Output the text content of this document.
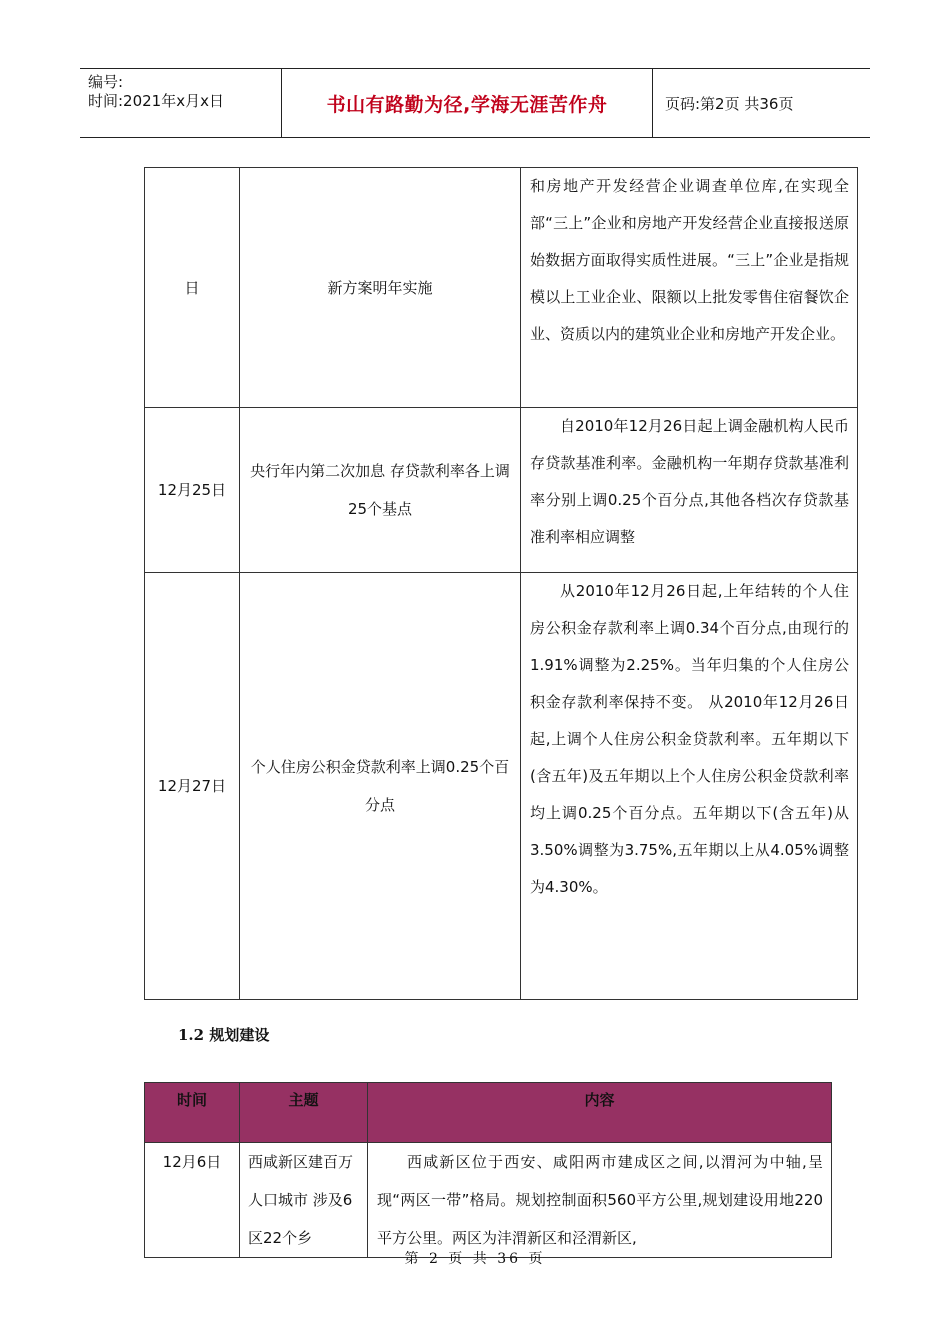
编号:
时间:2021年x月x日	书山有路勤为径,学海无涯苦作舟	页码:第2页 共36页
日	新方案明年实施	和房地产开发经营企业调查单位库,在实现全部“三上”企业和房地产开发经营企业直接报送原始数据方面取得实质性进展。“三上”企业是指规模以上工业企业、限额以上批发零售住宿餐饮企业、资质以内的建筑业企业和房地产开发企业。

12月25日	央行年内第二次加息 存贷款利率各上调25个基点	自2010年12月26日起上调金融机构人民币存贷款基准利率。金融机构一年期存贷款基准利率分别上调0.25个百分点,其他各档次存贷款基准利率相应调整

12月27日	个人住房公积金贷款利率上调0.25个百分点	从2010年12月26日起,上年结转的个人住房公积金存款利率上调0.34个百分点,由现行的1.91%调整为2.25%。当年归集的个人住房公积金存款利率保持不变。 从2010年12月26日起,上调个人住房公积金贷款利率。五年期以下(含五年)及五年期以上个人住房公积金贷款利率均上调0.25个百分点。五年期以下(含五年)从3.50%调整为3.75%,五年期以上从4.05%调整为4.30%。
1.2 规划建设
时间	主题	内容
12月6日	西咸新区建百万人口城市 涉及6区22个乡	西咸新区位于西安、咸阳两市建成区之间,以渭河为中轴,呈现“两区一带”格局。规划控制面积560平方公里,规划建设用地220平方公里。两区为沣渭新区和泾渭新区,
第 2 页 共 36 页
